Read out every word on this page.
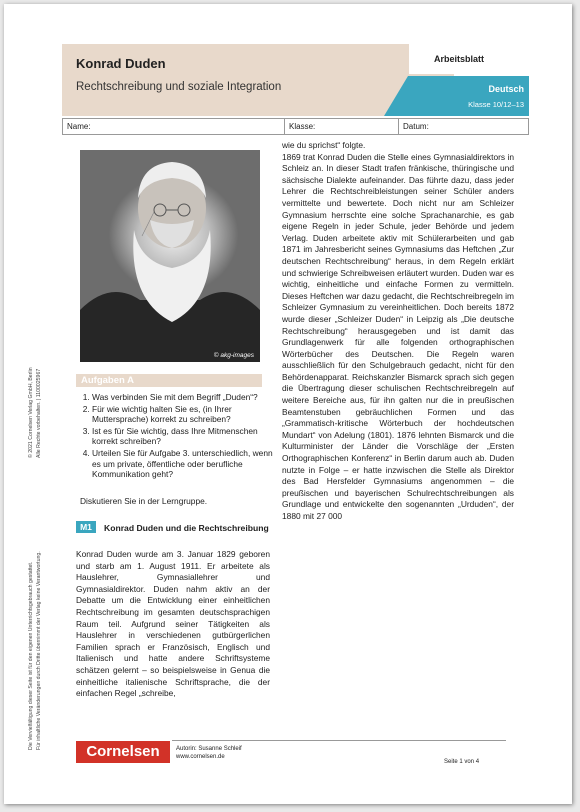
Konrad Duden
Rechtschreibung und soziale Integration
Arbeitsblatt
Deutsch
Klasse 10/12–13
Name:	Klasse:	Datum:
© 2021 Cornelsen Verlag GmbH, Berlin Alle Rechte vorbehalten. | 1100025967
Die Vervielfältigung dieser Seite ist für den eigenen Unterrichtsgebrauch gestattet. Für inhaltliche Veränderungen durch Dritte übernimmt der Verlag keine Verantwortung.
© akg-images
Aufgaben A
1. Was verbinden Sie mit dem Begriff „Duden“?
2. Für wie wichtig halten Sie es, (in Ihrer Muttersprache) korrekt zu schreiben?
3. Ist es für Sie wichtig, dass Ihre Mitmenschen korrekt schreiben?
4. Urteilen Sie für Aufgabe 3. unterschiedlich, wenn es um private, öffentliche oder berufliche Kommunikation geht?
Diskutieren Sie in der Lerngruppe.
M1	Konrad Duden und die Rechtschreibung

Konrad Duden wurde am 3. Januar 1829 geboren und starb am 1. August 1911. Er arbeitete als Hauslehrer, Gymnasiallehrer und Gymnasialdirektor. Duden nahm aktiv an der Debatte um die Entwicklung einer einheitlichen Rechtschreibung im gesamten deutschsprachigen Raum teil. Aufgrund seiner Tätigkeiten als Hauslehrer in verschiedenen gutbürgerlichen Familien sprach er Französisch, Englisch und Italienisch und hatte andere Schriftsysteme schätzen gelernt – so beispielsweise in Genua die einheitliche italienische Schriftsprache, die der einfachen Regel „schreibe,

wie du sprichst“ folgte.

1869 trat Konrad Duden die Stelle eines Gymnasialdirektors in Schleiz an. In dieser Stadt trafen fränkische, thüringische und sächsische Dialekte aufeinander. Das führte dazu, dass jeder Lehrer die Rechtschreibleistungen seiner Schüler anders vermittelte und bewertete. Doch nicht nur am Schleizer Gymnasium herrschte eine solche Sprachanarchie, es gab eigene Regeln in jeder Schule, jeder Behörde und jedem Verlag. Duden arbeitete aktiv mit Schülerarbeiten und gab 1871 im Jahresbericht seines Gymnasiums das Heftchen „Zur deutschen Rechtschreibung“ heraus, in dem Regeln erklärt und schwierige Schreibweisen erläutert wurden. Duden war es wichtig, einheitliche und einfache Formen zu vermitteln. Dieses Heftchen war dazu gedacht, die Rechtschreibregeln im Schleizer Gymnasium zu vereinheitlichen. Doch bereits 1872 wurde dieser „Schleizer Duden“ in Leipzig als „Die deutsche Rechtschreibung“ herausgegeben und ist damit das Grundlagenwerk für alle folgenden orthographischen Wörterbücher des Deutschen. Die Regeln waren ausschließlich für den Schulgebrauch gedacht, nicht für den Behördenapparat. Reichskanzler Bismarck sprach sich gegen die Übertragung dieser schulischen Rechtschreibregeln auf weitere Bereiche aus, für ihn galten nur die in preußischen Beamtenstuben gebräuchlichen Formen und das „Grammatisch-kritische Wörterbuch der hochdeutschen Mundart“ von Adelung (1801). 1876 lehnten Bismarck und die Kulturminister der Länder die Vorschläge der „Ersten Orthographischen Konferenz“ in Berlin darum auch ab. Duden nutzte in Folge – er hatte inzwischen die Stelle als Direktor des Bad Hersfelder Gymnasiums angenommen – die preußischen und bayerischen Schulrechtschreibungen als Grundlage und entwickelte den sogenannten „Urduden“, der 1880 mit 27 000

Cornelsen	Autorin: Susanne Schleif
www.cornelsen.de
Seite 1 von 4
